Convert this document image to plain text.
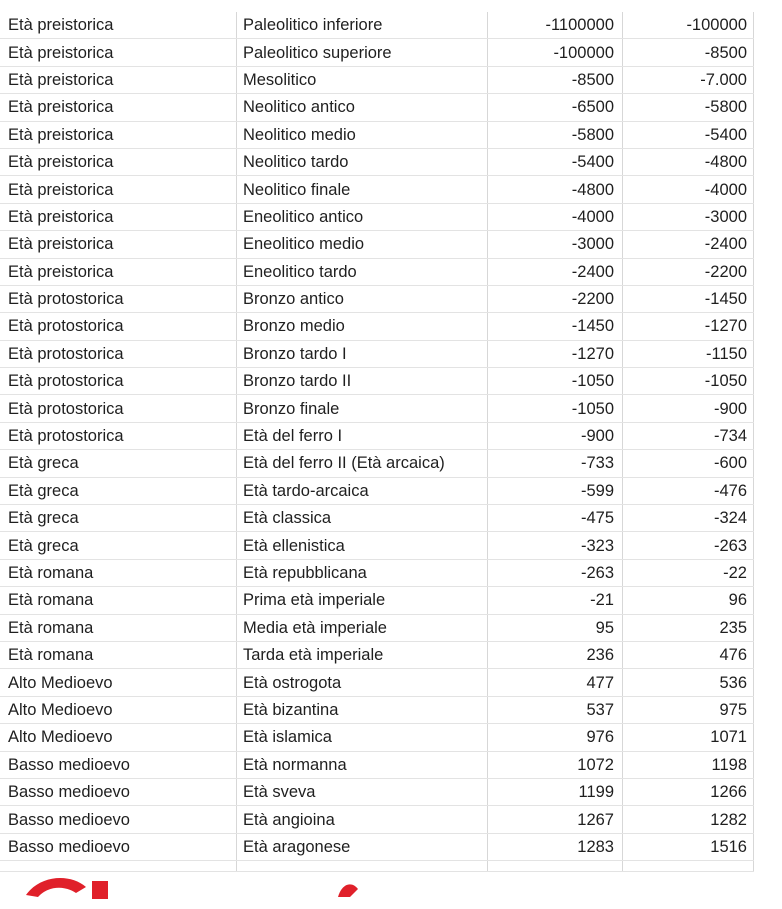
Età preistorica	Paleolitico inferiore	-1100000	-100000
Età preistorica	Paleolitico superiore	-100000	-8500
Età preistorica	Mesolitico	-8500	-7.000
Età preistorica	Neolitico antico	-6500	-5800
Età preistorica	Neolitico medio	-5800	-5400
Età preistorica	Neolitico tardo	-5400	-4800
Età preistorica	Neolitico finale	-4800	-4000
Età preistorica	Eneolitico antico	-4000	-3000
Età preistorica	Eneolitico medio	-3000	-2400
Età preistorica	Eneolitico tardo	-2400	-2200
Età protostorica	Bronzo antico	-2200	-1450
Età protostorica	Bronzo medio	-1450	-1270
Età protostorica	Bronzo tardo I	-1270	-1150
Età protostorica	Bronzo tardo II	-1050	-1050
Età protostorica	Bronzo finale	-1050	-900
Età protostorica	Età del ferro I	-900	-734
Età greca	Età del ferro II (Età arcaica)	-733	-600
Età greca	Età tardo-arcaica	-599	-476
Età greca	Età classica	-475	-324
Età greca	Età ellenistica	-323	-263
Età romana	Età repubblicana	-263	-22
Età romana	Prima età imperiale	-21	96
Età romana	Media età imperiale	95	235
Età romana	Tarda età imperiale	236	476
Alto Medioevo	Età ostrogota	477	536
Alto Medioevo	Età bizantina	537	975
Alto Medioevo	Età islamica	976	1071
Basso medioevo	Età normanna	1072	1198
Basso medioevo	Età sveva	1199	1266
Basso medioevo	Età angioina	1267	1282
Basso medioevo	Età aragonese	1283	1516
